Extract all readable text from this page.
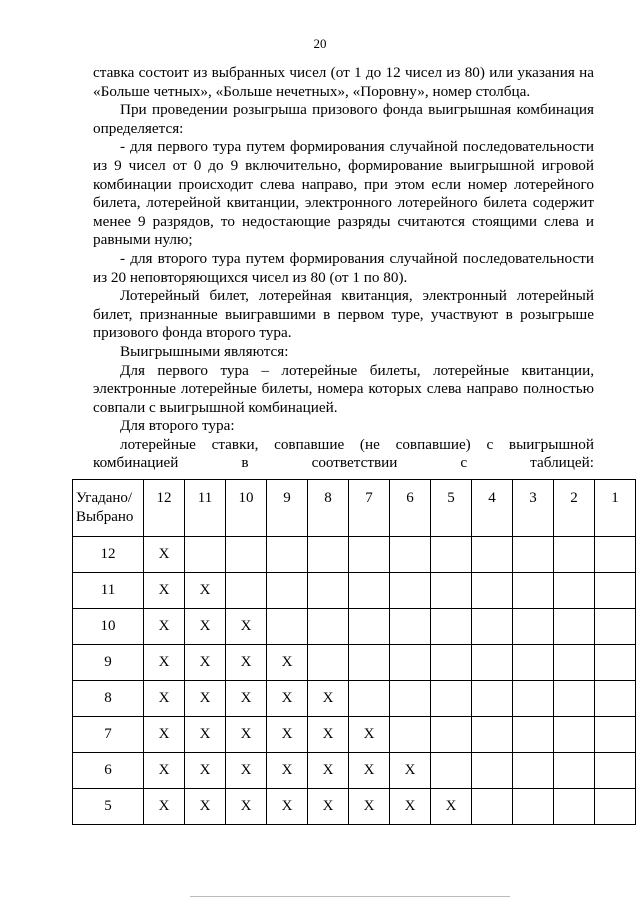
20

ставка состоит из выбранных чисел (от 1 до 12 чисел из 80) или указания на «Больше четных», «Больше нечетных», «Поровну», номер столбца.

При проведении розыгрыша призового фонда выигрышная комбинация определяется:

- для первого тура путем формирования случайной последовательности из 9 чисел от 0 до 9 включительно, формирование выигрышной игровой комбинации происходит слева направо, при этом если номер лотерейного билета, лотерейной квитанции, электронного лотерейного билета содержит менее 9 разрядов, то недостающие разряды считаются стоящими слева и равными нулю;

- для второго тура путем формирования случайной последовательности из 20 неповторяющихся чисел из 80 (от 1 по 80).

Лотерейный билет, лотерейная квитанция, электронный лотерейный билет, признанные выигравшими в первом туре, участвуют в розыгрыше призового фонда второго тура.

Выигрышными являются:

Для первого тура – лотерейные билеты, лотерейные квитанции, электронные лотерейные билеты, номера которых слева направо полностью совпали с выигрышной комбинацией.

Для второго тура:

лотерейные ставки, совпавшие (не совпавшие) с выигрышной комбинацией в соответствии с таблицей:

Угадано/
Выбрано	12	11	10	9	8	7	6	5	4	3	2	1
12	X											
11	X	X										
10	X	X	X									
9	X	X	X	X								
8	X	X	X	X	X							
7	X	X	X	X	X	X						
6	X	X	X	X	X	X	X					
5	X	X	X	X	X	X	X	X				
